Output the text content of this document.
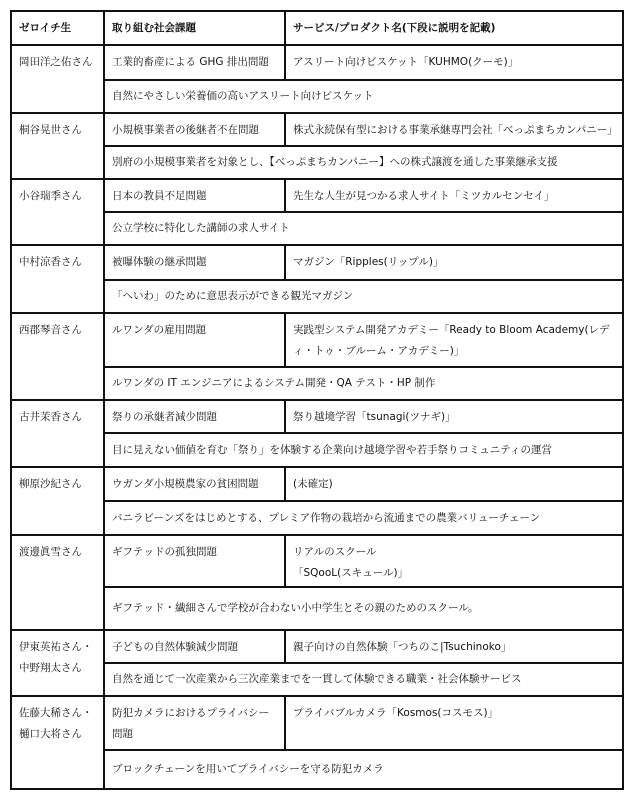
ゼロイチ生	取り組む社会課題	サービス/プロダクト名(下段に説明を記載)
岡田洋之佑さん	工業的畜産による GHG 排出問題	アスリート向けビスケット「KUHMO(クーモ)」
	自然にやさしい栄養価の高いアスリート向けビスケット	
桐谷晃世さん	小規模事業者の後継者不在問題	株式永続保有型における事業承継専門会社「べっぷまちカンパニー」
	別府の小規模事業者を対象とし、【べっぷまちカンパニー】への株式譲渡を通した事業継承支援	
小谷瑞季さん	日本の教員不足問題	先生な人生が見つかる求人サイト「ミツカルセンセイ」
	公立学校に特化した講師の求人サイト	
中村涼香さん	被曝体験の継承問題	マガジン「Ripples(リップル)」
	「へいわ」のために意思表示ができる観光マガジン	
西郡琴音さん	ルワンダの雇用問題	実践型システム開発アカデミー「Ready to Bloom Academy(レディ・トゥ・ブルーム・アカデミー)」
	ルワンダの IT エンジニアによるシステム開発・QA テスト・HP 制作	
古井茉香さん	祭りの承継者減少問題	祭り越境学習「tsunagi(ツナギ)」
	目に見えない価値を育む「祭り」を体験する企業向け越境学習や若手祭りコミュニティの運営	
柳原沙紀さん	ウガンダ小規模農家の貧困問題	(未確定)
	バニラビーンズをはじめとする、プレミア作物の栽培から流通までの農業バリューチェーン	
渡邊眞雪さん	ギフテッドの孤独問題	リアルのスクール
「SQooL(スキュール)」
	ギフテッド・繊細さんで学校が合わない小中学生とその親のためのスクール。	
伊東英祐さん・中野翔太さん	子どもの自然体験減少問題	親子向けの自然体験「つちのこ|Tsuchinoko」
	自然を通じて一次産業から三次産業までを一貫して体験できる職業・社会体験サービス	
佐藤大稀さん・樋口大将さん	防犯カメラにおけるプライバシー問題	プライバブルカメラ「Kosmos(コスモス)」
	ブロックチェーンを用いてプライバシーを守る防犯カメラ	
